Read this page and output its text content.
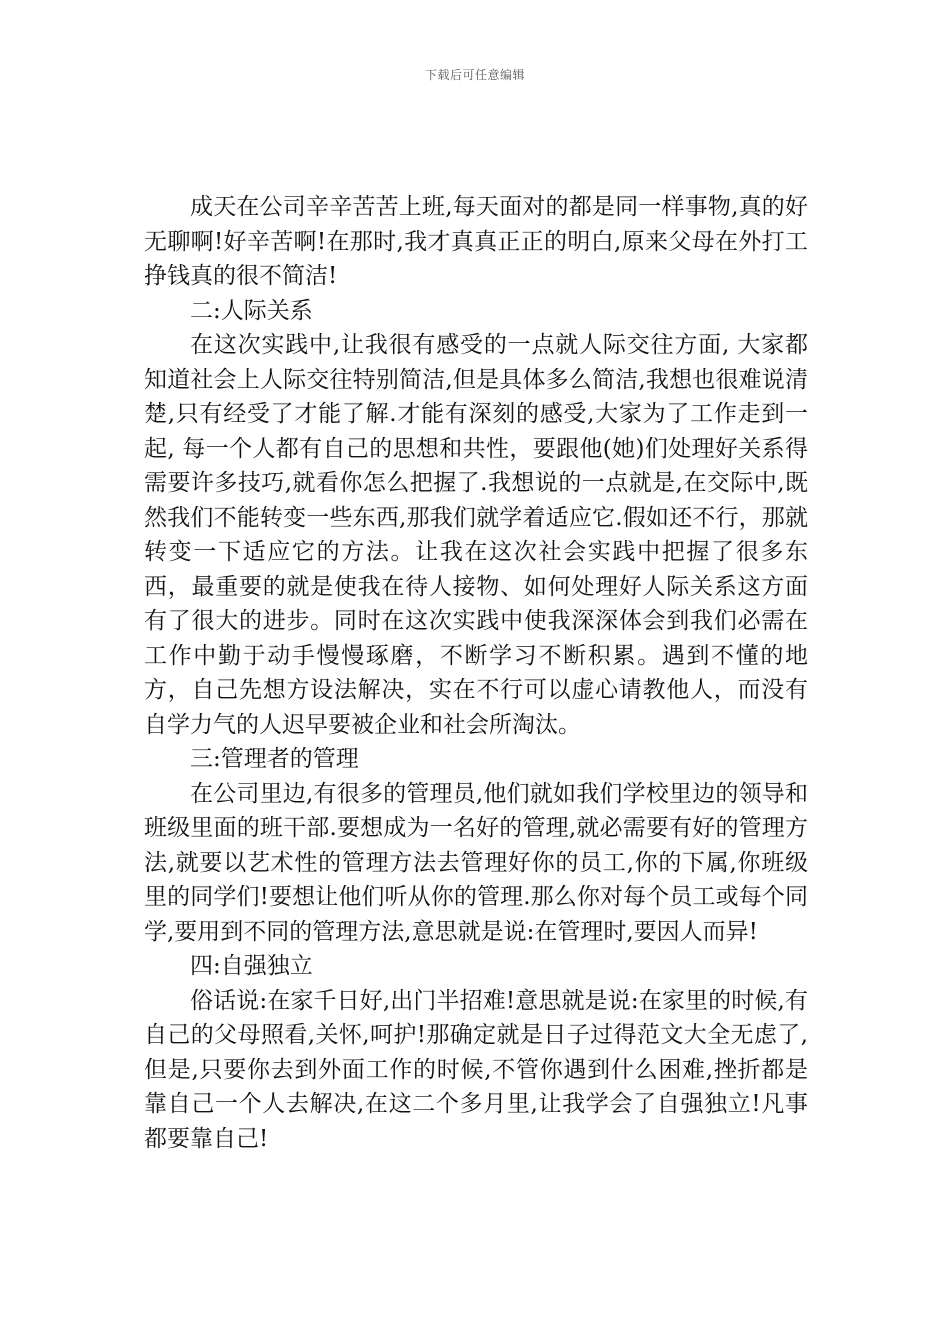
下载后可任意编辑

成天在公司辛辛苦苦上班,每天面对的都是同一样事物,真的好无聊啊!好辛苦啊!在那时,我才真真正正的明白,原来父母在外打工挣钱真的很不简洁!

二:人际关系

在这次实践中,让我很有感受的一点就人际交往方面, 大家都知道社会上人际交往特别简洁,但是具体多么简洁,我想也很难说清楚,只有经受了才能了解.才能有深刻的感受,大家为了工作走到一起, 每一个人都有自己的思想和共性，要跟他(她)们处理好关系得需要许多技巧,就看你怎么把握了.我想说的一点就是,在交际中,既然我们不能转变一些东西,那我们就学着适应它.假如还不行，那就转变一下适应它的方法。让我在这次社会实践中把握了很多东西，最重要的就是使我在待人接物、如何处理好人际关系这方面有了很大的进步。同时在这次实践中使我深深体会到我们必需在工作中勤于动手慢慢琢磨，不断学习不断积累。遇到不懂的地方，自己先想方设法解决，实在不行可以虚心请教他人，而没有自学力气的人迟早要被企业和社会所淘汰。

三:管理者的管理

在公司里边,有很多的管理员,他们就如我们学校里边的领导和班级里面的班干部.要想成为一名好的管理,就必需要有好的管理方法,就要以艺术性的管理方法去管理好你的员工,你的下属,你班级里的同学们!要想让他们听从你的管理.那么你对每个员工或每个同学,要用到不同的管理方法,意思就是说:在管理时,要因人而异!

四:自强独立

俗话说:在家千日好,出门半招难!意思就是说:在家里的时候,有自己的父母照看,关怀,呵护!那确定就是日子过得范文大全无虑了,但是,只要你去到外面工作的时候,不管你遇到什么困难,挫折都是靠自己一个人去解决,在这二个多月里,让我学会了自强独立!凡事都要靠自己!
